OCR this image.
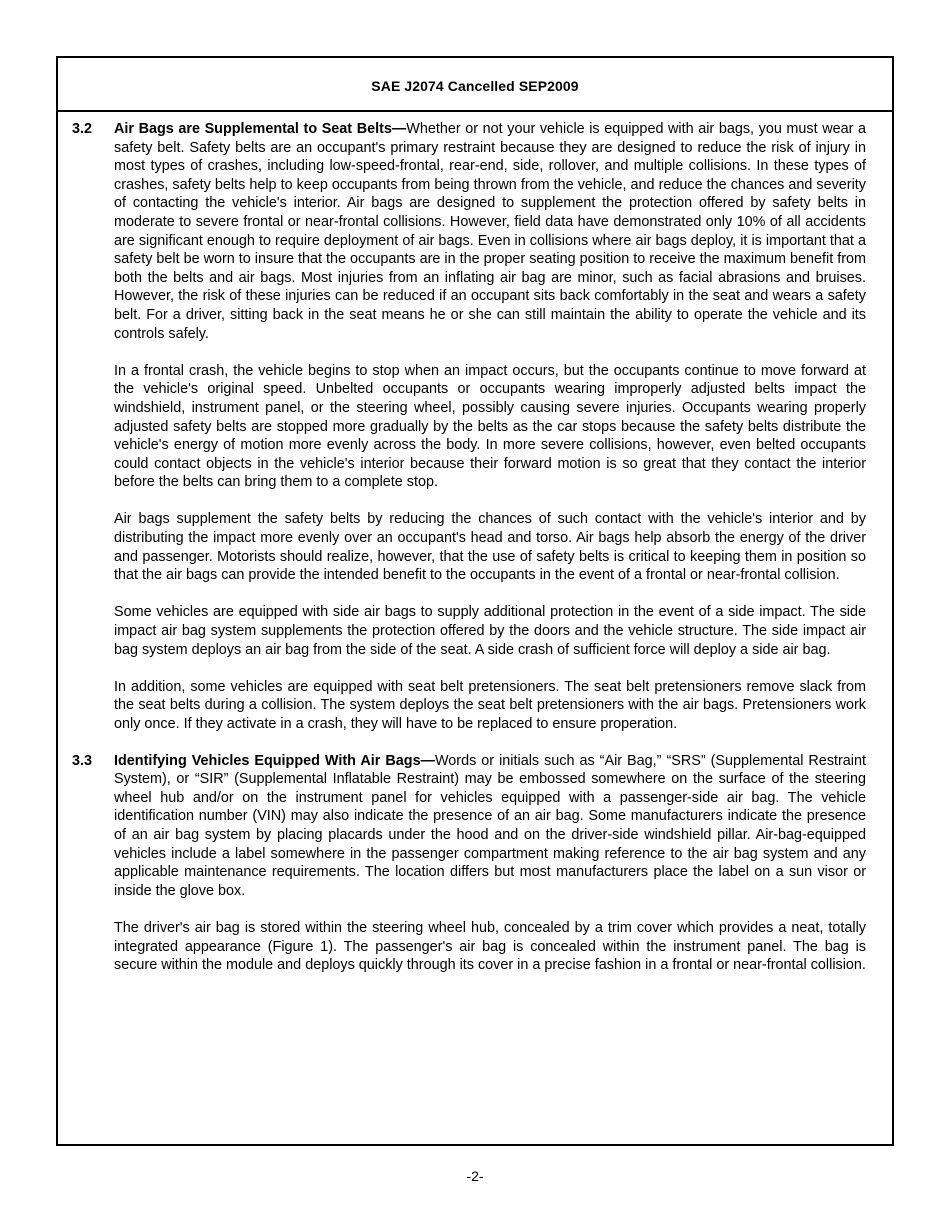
SAE J2074 Cancelled SEP2009
3.2	Air Bags are Supplemental to Seat Belts—Whether or not your vehicle is equipped with air bags, you must wear a safety belt. Safety belts are an occupant's primary restraint because they are designed to reduce the risk of injury in most types of crashes, including low-speed-frontal, rear-end, side, rollover, and multiple collisions. In these types of crashes, safety belts help to keep occupants from being thrown from the vehicle, and reduce the chances and severity of contacting the vehicle's interior. Air bags are designed to supplement the protection offered by safety belts in moderate to severe frontal or near-frontal collisions. However, field data have demonstrated only 10% of all accidents are significant enough to require deployment of air bags. Even in collisions where air bags deploy, it is important that a safety belt be worn to insure that the occupants are in the proper seating position to receive the maximum benefit from both the belts and air bags. Most injuries from an inflating air bag are minor, such as facial abrasions and bruises. However, the risk of these injuries can be reduced if an occupant sits back comfortably in the seat and wears a safety belt. For a driver, sitting back in the seat means he or she can still maintain the ability to operate the vehicle and its controls safely.

In a frontal crash, the vehicle begins to stop when an impact occurs, but the occupants continue to move forward at the vehicle's original speed. Unbelted occupants or occupants wearing improperly adjusted belts impact the windshield, instrument panel, or the steering wheel, possibly causing severe injuries. Occupants wearing properly adjusted safety belts are stopped more gradually by the belts as the car stops because the safety belts distribute the vehicle's energy of motion more evenly across the body. In more severe collisions, however, even belted occupants could contact objects in the vehicle's interior because their forward motion is so great that they contact the interior before the belts can bring them to a complete stop.

Air bags supplement the safety belts by reducing the chances of such contact with the vehicle's interior and by distributing the impact more evenly over an occupant's head and torso. Air bags help absorb the energy of the driver and passenger. Motorists should realize, however, that the use of safety belts is critical to keeping them in position so that the air bags can provide the intended benefit to the occupants in the event of a frontal or near-frontal collision.

Some vehicles are equipped with side air bags to supply additional protection in the event of a side impact. The side impact air bag system supplements the protection offered by the doors and the vehicle structure. The side impact air bag system deploys an air bag from the side of the seat. A side crash of sufficient force will deploy a side air bag.

In addition, some vehicles are equipped with seat belt pretensioners. The seat belt pretensioners remove slack from the seat belts during a collision. The system deploys the seat belt pretensioners with the air bags. Pretensioners work only once. If they activate in a crash, they will have to be replaced to ensure properation.

3.3	Identifying Vehicles Equipped With Air Bags—Words or initials such as “Air Bag,” “SRS” (Supplemental Restraint System), or “SIR” (Supplemental Inflatable Restraint) may be embossed somewhere on the surface of the steering wheel hub and/or on the instrument panel for vehicles equipped with a passenger-side air bag. The vehicle identification number (VIN) may also indicate the presence of an air bag. Some manufacturers indicate the presence of an air bag system by placing placards under the hood and on the driver-side windshield pillar. Air-bag-equipped vehicles include a label somewhere in the passenger compartment making reference to the air bag system and any applicable maintenance requirements. The location differs but most manufacturers place the label on a sun visor or inside the glove box.

The driver's air bag is stored within the steering wheel hub, concealed by a trim cover which provides a neat, totally integrated appearance (Figure 1). The passenger's air bag is concealed within the instrument panel. The bag is secure within the module and deploys quickly through its cover in a precise fashion in a frontal or near-frontal collision.

-2-
